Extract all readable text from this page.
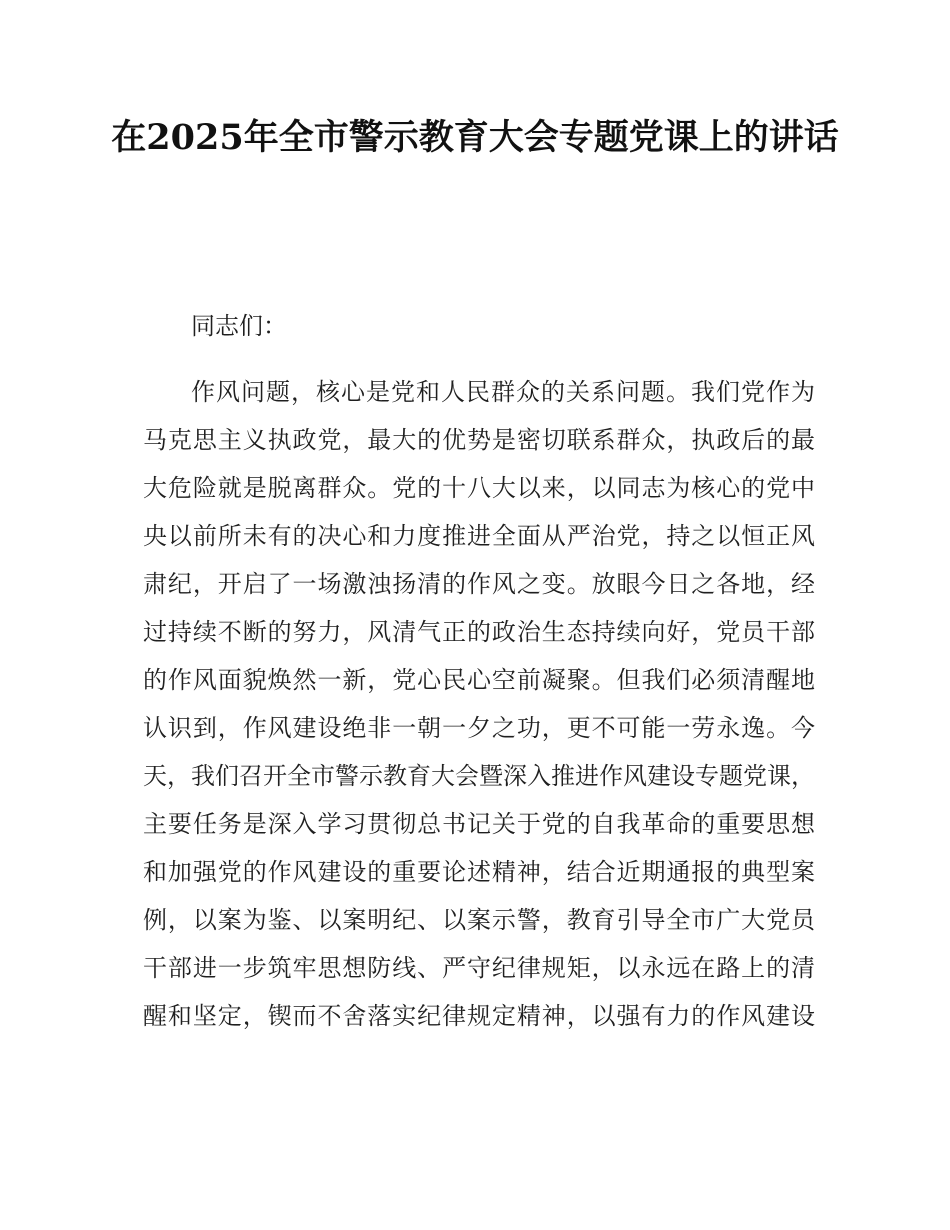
在2025年全市警示教育大会专题党课上的讲话

同志们：

作风问题，核心是党和人民群众的关系问题。我们党作为
马克思主义执政党，最大的优势是密切联系群众，执政后的最
大危险就是脱离群众。党的十八大以来，以同志为核心的党中
央以前所未有的决心和力度推进全面从严治党，持之以恒正风
肃纪，开启了一场激浊扬清的作风之变。放眼今日之各地，经
过持续不断的努力，风清气正的政治生态持续向好，党员干部
的作风面貌焕然一新，党心民心空前凝聚。但我们必须清醒地
认识到，作风建设绝非一朝一夕之功，更不可能一劳永逸。今
天，我们召开全市警示教育大会暨深入推进作风建设专题党课，
主要任务是深入学习贯彻总书记关于党的自我革命的重要思想
和加强党的作风建设的重要论述精神，结合近期通报的典型案
例，以案为鉴、以案明纪、以案示警，教育引导全市广大党员
干部进一步筑牢思想防线、严守纪律规矩，以永远在路上的清
醒和坚定，锲而不舍落实纪律规定精神，以强有力的作风建设
